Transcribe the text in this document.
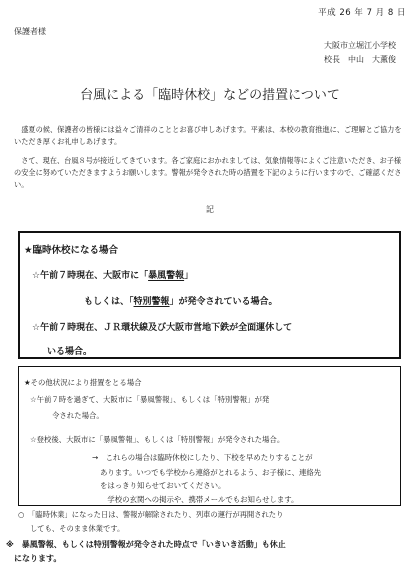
平成 26 年 7 月 8 日
保護者様
大阪市立堀江小学校
校長　中山　大薫俊
台風による「臨時休校」などの措置について
　盛夏の候、保護者の皆様には益々ご清祥のこととお喜び申しあげます。平素は、本校の教育推進に、ご理解とご協力をいただき厚くお礼申しあげます。
　さて、現在、台風８号が接近してきています。各ご家庭におかれましては、気象情報等によくご注意いただき、お子様の安全に努めていただきますようお願いします。警報が発令された時の措置を下記のように行いますので、ご確認ください。
記
★臨時休校になる場合
☆午前７時現在、大阪市に「暴風警報」
もしくは、「特別警報」が発令されている場合。
☆午前７時現在、ＪＲ環状線及び大阪市営地下鉄が全面運休して
いる場合。
★その他状況により措置をとる場合
☆午前７時を過ぎて、大阪市に「暴風警報」、もしくは「特別警報」が発
令された場合。
☆登校後、大阪市に「暴風警報」、もしくは「特別警報」が発令された場合。
→　これらの場合は臨時休校にしたり、下校を早めたりすることが
あります。いつでも学校から連絡がとれるよう、お子様に、連絡先
をはっきり知らせておいてください。
　学校の玄関への掲示や、携帯メールでもお知らせします。
○　「臨時休業」になった日は、警報が解除されたり、列車の運行が再開されたり
しても、そのまま休業です。
※　暴風警報、もしくは特別警報が発令された時点で「いきいき活動」も休止
になります。
